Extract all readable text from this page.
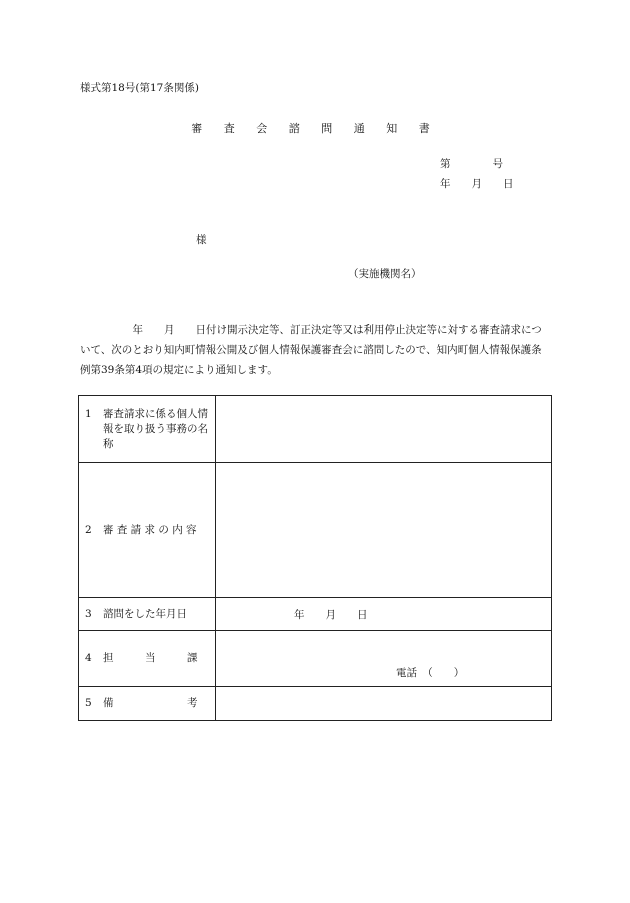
様式第18号(第17条関係)
審 査 会 諮 問 通 知 書
第　　　　号
年　　月　　日
様
（実施機関名）
　　　　　年　　月　　日付け開示決定等、訂正決定等又は利用停止決定等に対する審査請求について、次のとおり知内町情報公開及び個人情報保護審査会に諮問したので、知内町個人情報保護条例第39条第4項の規定により通知します。
1 審査請求に係る個人情報を取り扱う事務の名称	

2 審 査 請 求 の 内 容	

3 諮問をした年月日	年　　月　　日

4 担　　　当　　　課	電話　（　　）

5 備　　　　　　　考	
